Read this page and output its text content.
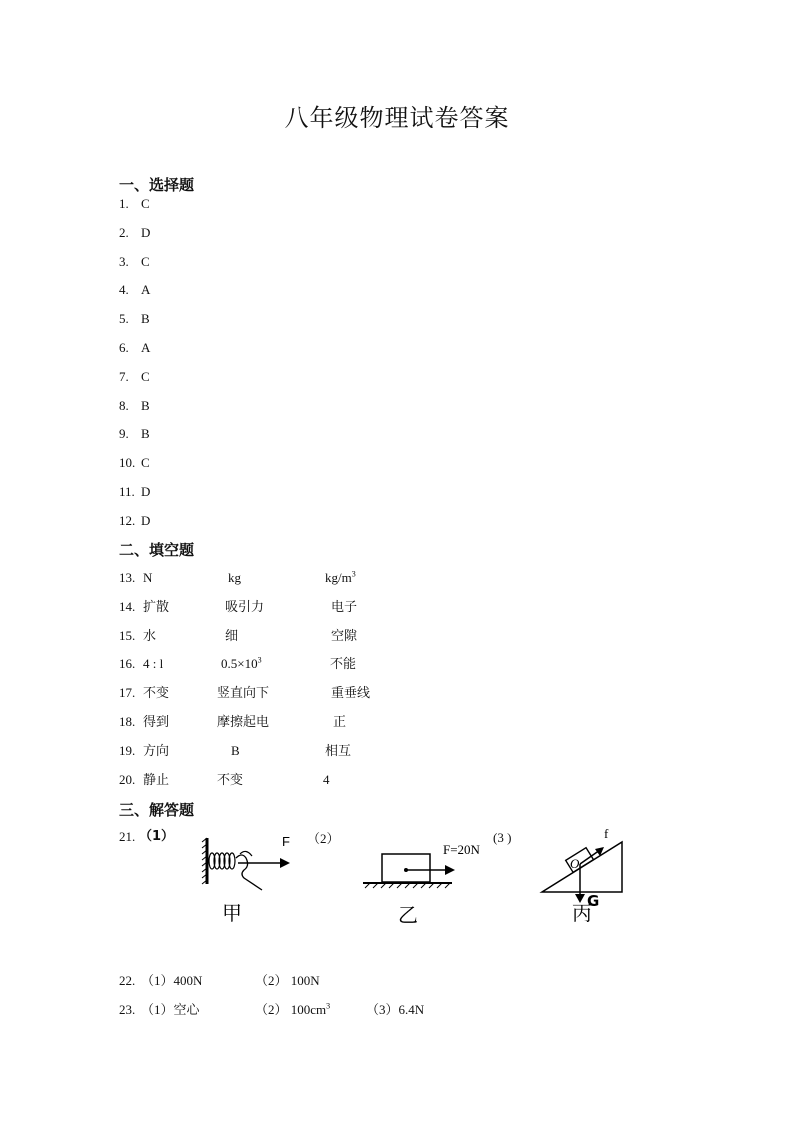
八年级物理试卷答案
一、选择题
1. C
2. D
3. C
4. A
5. B
6. A
7. C
8. B
9. B
10. C
11. D
12. D
二、填空题
13. N	kg	$kg/m^3$
14. 扩散	吸引力	电子
15. 水	细	空隙
16. 4 : l	$0.5\times 10^3$	不能
17. 不变	竖直向下	重垂线
18. 得到	摩擦起电	正
19. 方向	B	相互
20. 静止	不变	4
三、解答题
21. （1）	（2）	(3 )
F
甲
F=20N
乙
f
O
G
丙
22. （1）400N	（2） 100N
23. （1）空心	（2） $100cm^3$	（3）6.4N
